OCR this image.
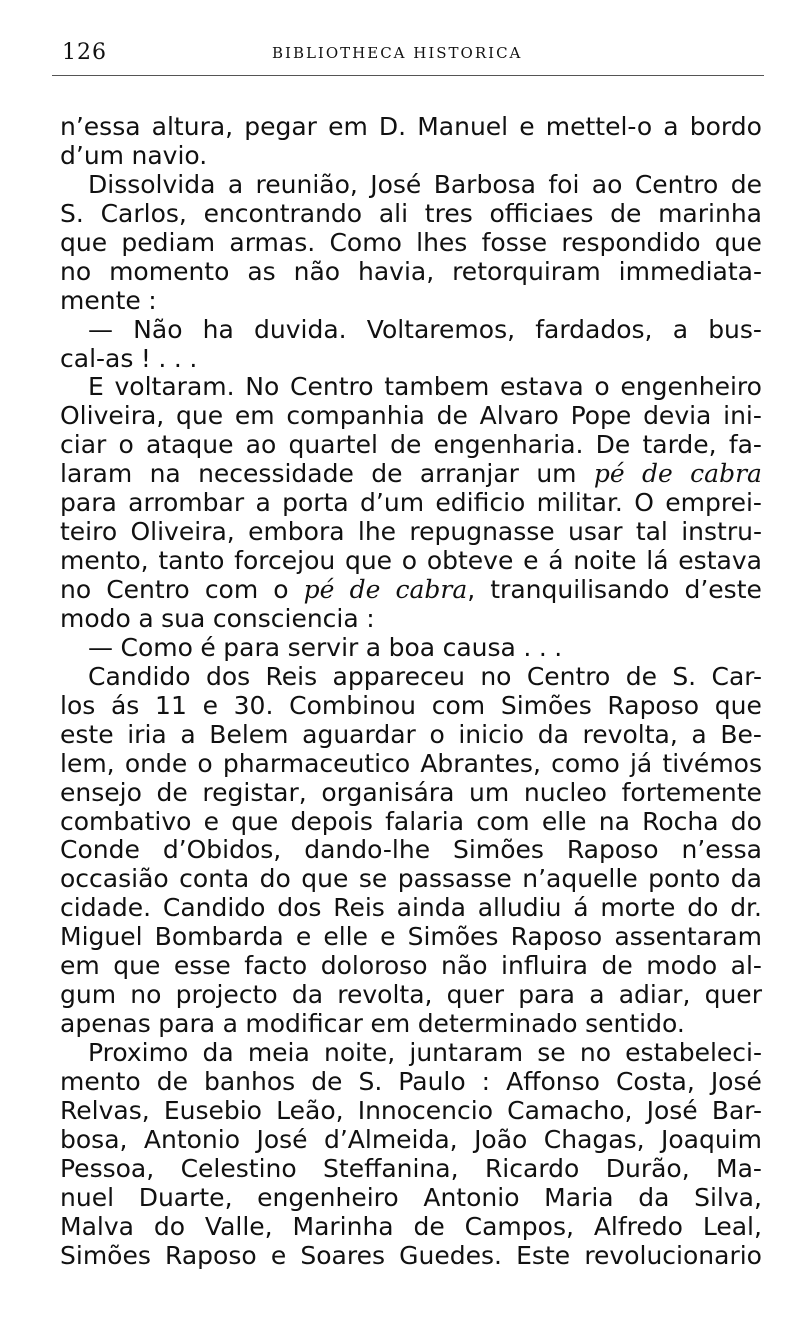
126	BIBLIOTHECA HISTORICA
n’essa altura, pegar em D. Manuel e mettel-o a bordo
d’um navio.
Dissolvida a reunião, José Barbosa foi ao Centro de
S. Carlos, encontrando ali tres officiaes de marinha
que pediam armas. Como lhes fosse respondido que
no momento as não havia, retorquiram immediata-
mente :
— Não ha duvida. Voltaremos, fardados, a bus-
cal-as ! . . .
E voltaram. No Centro tambem estava o engenheiro
Oliveira, que em companhia de Alvaro Pope devia ini-
ciar o ataque ao quartel de engenharia. De tarde, fa-
laram na necessidade de arranjar um pé de cabra
para arrombar a porta d’um edificio militar. O emprei-
teiro Oliveira, embora lhe repugnasse usar tal instru-
mento, tanto forcejou que o obteve e á noite lá estava
no Centro com o pé de cabra, tranquilisando d’este
modo a sua consciencia :
— Como é para servir a boa causa . . .
Candido dos Reis appareceu no Centro de S. Car-
los ás 11 e 30. Combinou com Simões Raposo que
este iria a Belem aguardar o inicio da revolta, a Be-
lem, onde o pharmaceutico Abrantes, como já tivémos
ensejo de registar, organisára um nucleo fortemente
combativo e que depois falaria com elle na Rocha do
Conde d’Obidos, dando-lhe Simões Raposo n’essa
occasião conta do que se passasse n’aquelle ponto da
cidade. Candido dos Reis ainda alludiu á morte do dr.
Miguel Bombarda e elle e Simões Raposo assentaram
em que esse facto doloroso não influira de modo al-
gum no projecto da revolta, quer para a adiar, quer
apenas para a modificar em determinado sentido.
Proximo da meia noite, juntaram se no estabeleci-
mento de banhos de S. Paulo : Affonso Costa, José
Relvas, Eusebio Leão, Innocencio Camacho, José Bar-
bosa, Antonio José d’Almeida, João Chagas, Joaquim
Pessoa, Celestino Steffanina, Ricardo Durão, Ma-
nuel Duarte, engenheiro Antonio Maria da Silva,
Malva do Valle, Marinha de Campos, Alfredo Leal,
Simões Raposo e Soares Guedes. Este revolucionario
